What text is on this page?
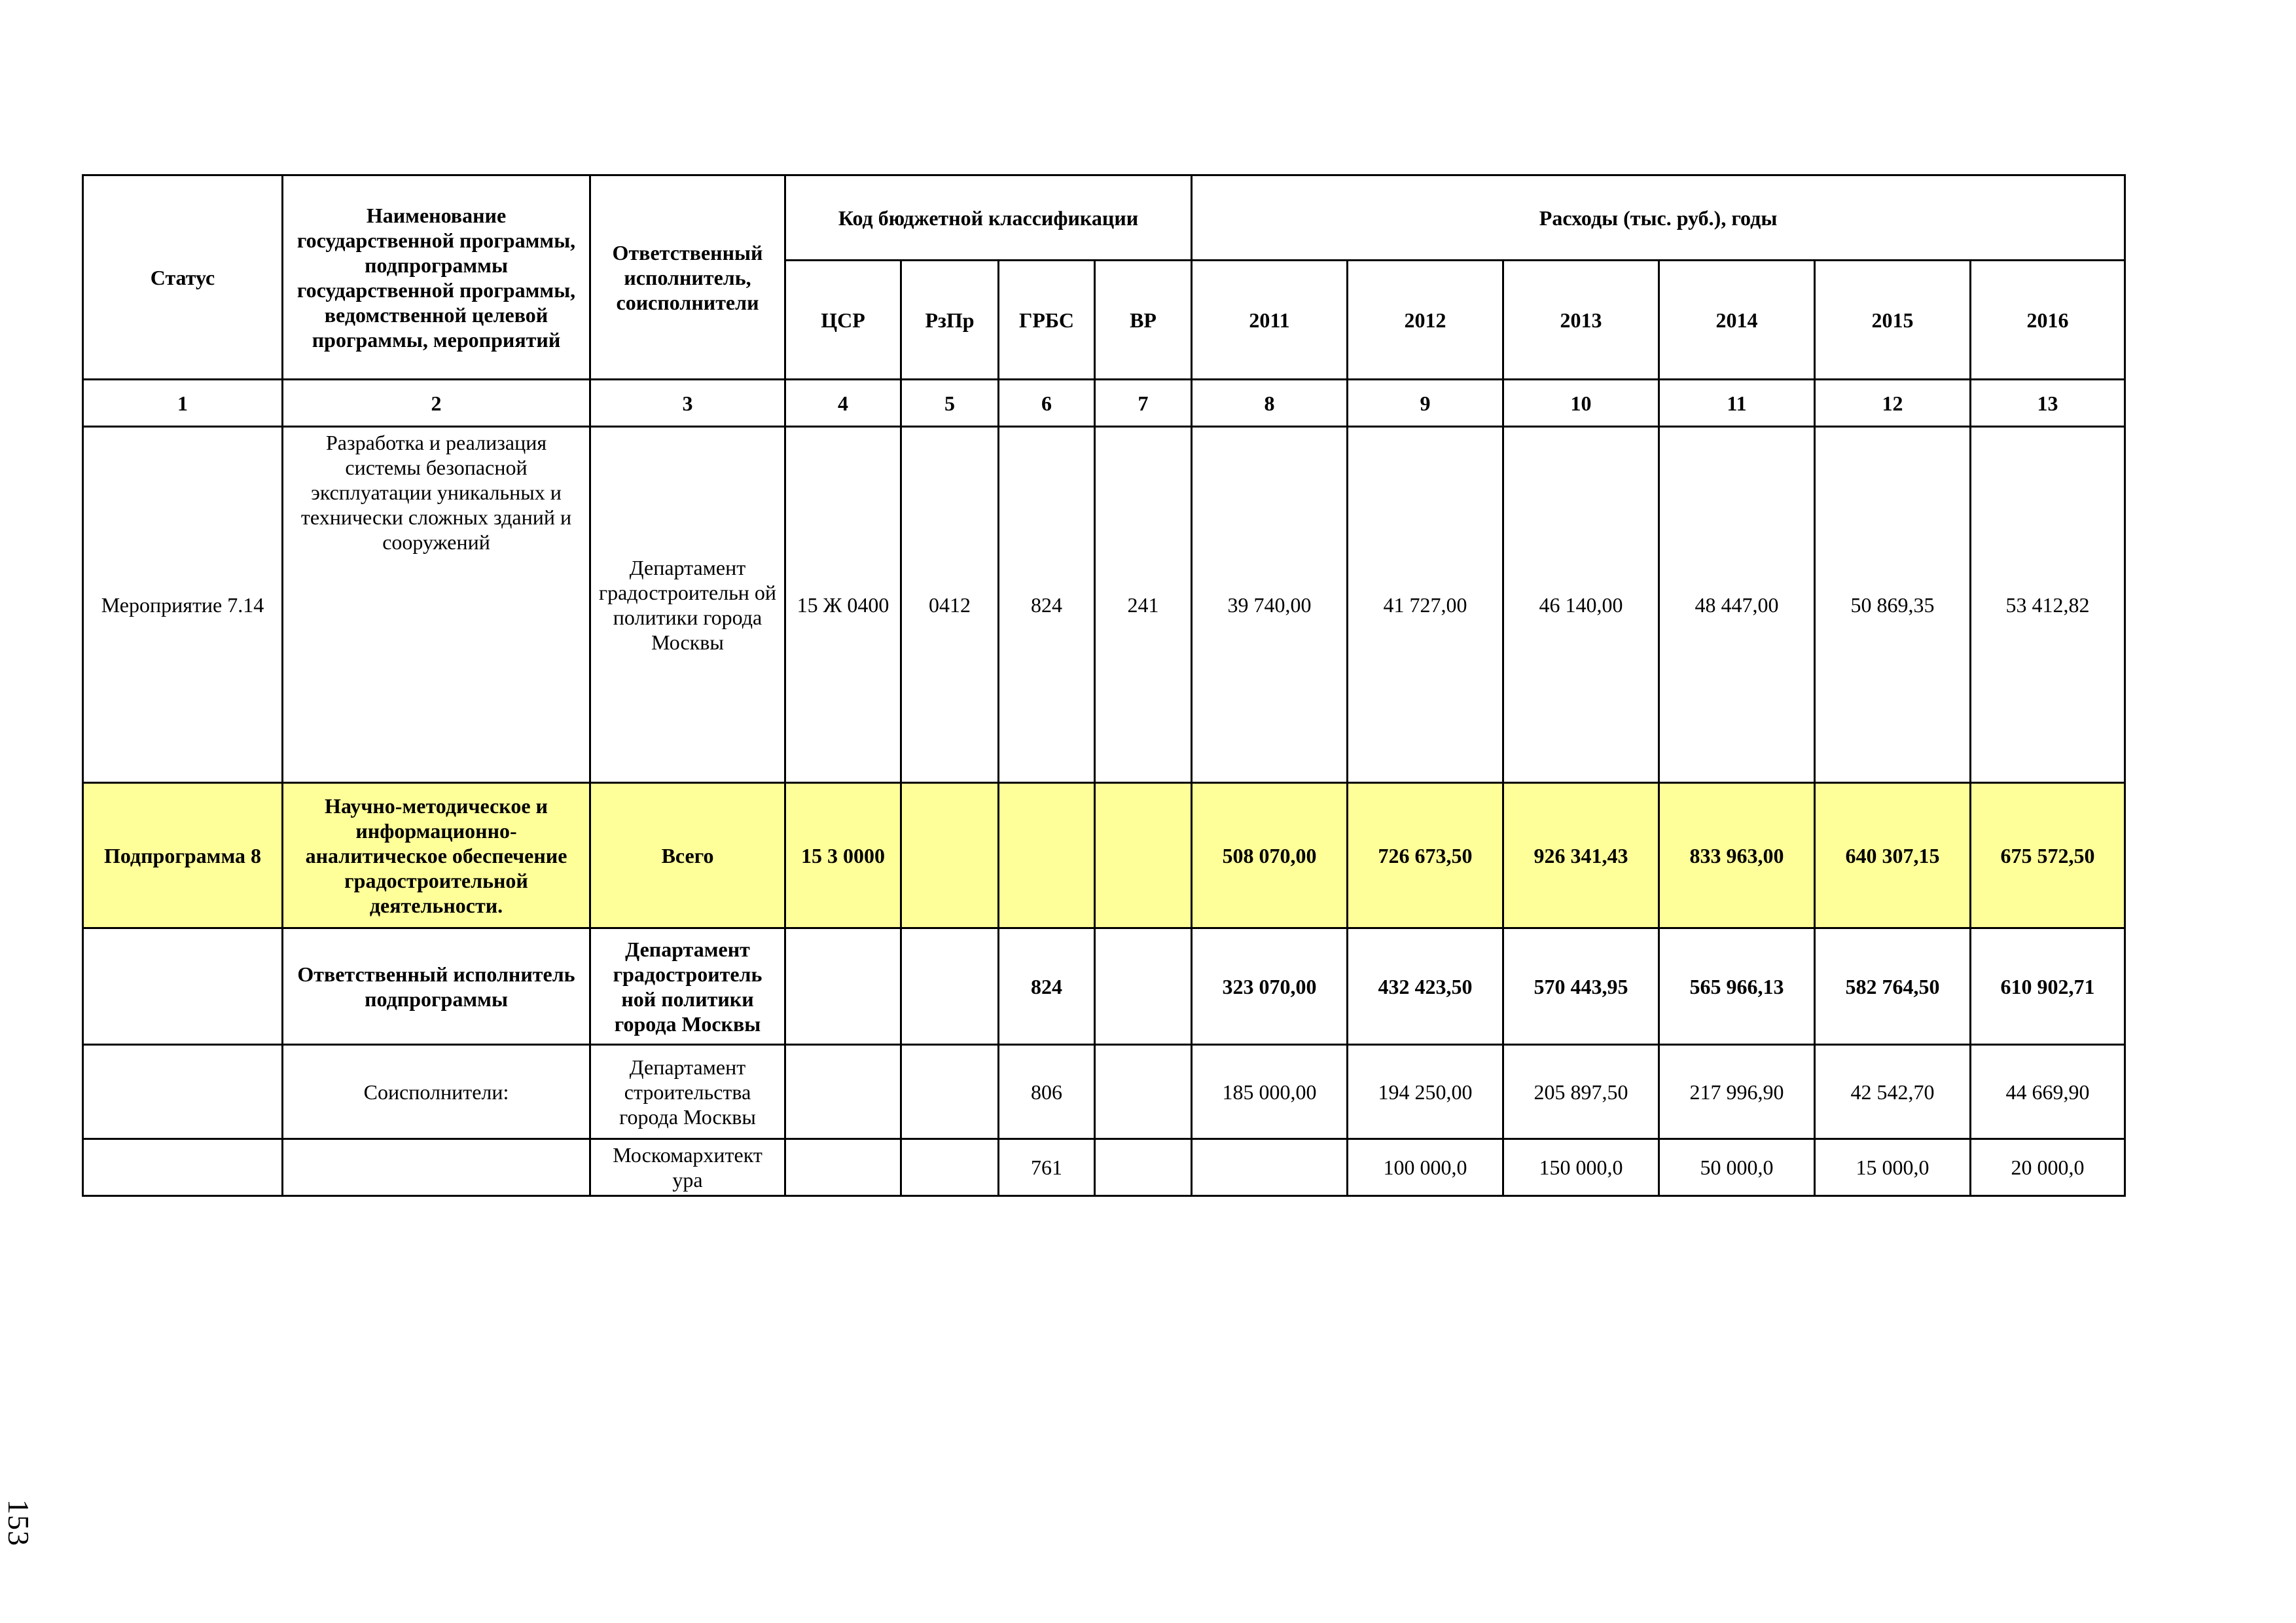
Статус	Наименование государственной программы, подпрограммы государственной программы, ведомственной целевой программы, мероприятий	Ответственный исполнитель, соисполнители	Код бюджетной классификации				Расходы (тыс. руб.), годы					
			ЦСР	РзПр	ГРБС	ВР	2011	2012	2013	2014	2015	2016
1	2	3	4	5	6	7	8	9	10	11	12	13
Мероприятие 7.14	Разработка и реализация системы безопасной эксплуатации уникальных и технически сложных зданий и сооружений	Департамент градостроительн ой политики города Москвы	15 Ж 0400	0412	824	241	39 740,00	41 727,00	46 140,00	48 447,00	50 869,35	53 412,82
Подпрограмма 8	Научно-методическое и информационно-аналитическое обеспечение градостроительной деятельности.	Всего	15 3 0000				508 070,00	726 673,50	926 341,43	833 963,00	640 307,15	675 572,50
	Ответственный исполнитель подпрограммы	Департамент градостроитель ной политики города Москвы			824		323 070,00	432 423,50	570 443,95	565 966,13	582 764,50	610 902,71
	Соисполнители:	Департамент строительства города Москвы			806		185 000,00	194 250,00	205 897,50	217 996,90	42 542,70	44 669,90
		Москомархитект ура			761			100 000,0	150 000,0	50 000,0	15 000,0	20 000,0
153
